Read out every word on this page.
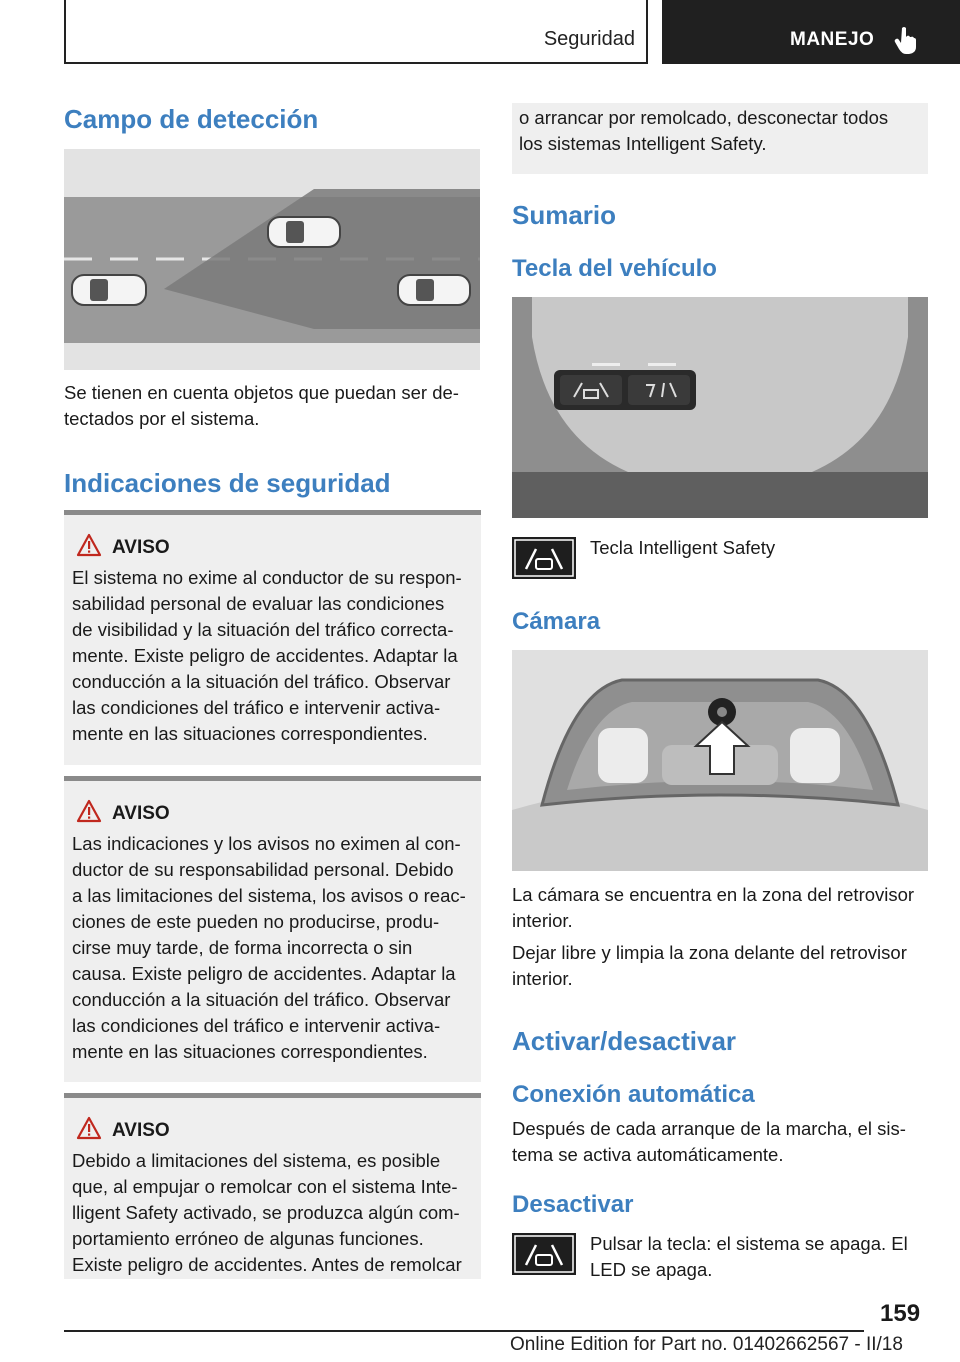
Seguridad	MANEJO
Campo de detección
Se tienen en cuenta objetos que puedan ser de-
tectados por el sistema.
Indicaciones de seguridad
AVISO
El sistema no exime al conductor de su respon-
sabilidad personal de evaluar las condiciones
de visibilidad y la situación del tráfico correcta-
mente. Existe peligro de accidentes. Adaptar la
conducción a la situación del tráfico. Observar
las condiciones del tráfico e intervenir activa-
mente en las situaciones correspondientes.
AVISO
Las indicaciones y los avisos no eximen al con-
ductor de su responsabilidad personal. Debido
a las limitaciones del sistema, los avisos o reac-
ciones de este pueden no producirse, produ-
cirse muy tarde, de forma incorrecta o sin
causa. Existe peligro de accidentes. Adaptar la
conducción a la situación del tráfico. Observar
las condiciones del tráfico e intervenir activa-
mente en las situaciones correspondientes.
AVISO
Debido a limitaciones del sistema, es posible
que, al empujar o remolcar con el sistema Inte-
lligent Safety activado, se produzca algún com-
portamiento erróneo de algunas funciones.
Existe peligro de accidentes. Antes de remolcar
o arrancar por remolcado, desconectar todos
los sistemas Intelligent Safety.
Sumario
Tecla del vehículo
Tecla Intelligent Safety
Cámara
La cámara se encuentra en la zona del retrovisor
interior.
Dejar libre y limpia la zona delante del retrovisor
interior.
Activar/desactivar
Conexión automática
Después de cada arranque de la marcha, el sis-
tema se activa automáticamente.
Desactivar
Pulsar la tecla: el sistema se apaga. El
LED se apaga.
159
Online Edition for Part no. 01402662567 - II/18
